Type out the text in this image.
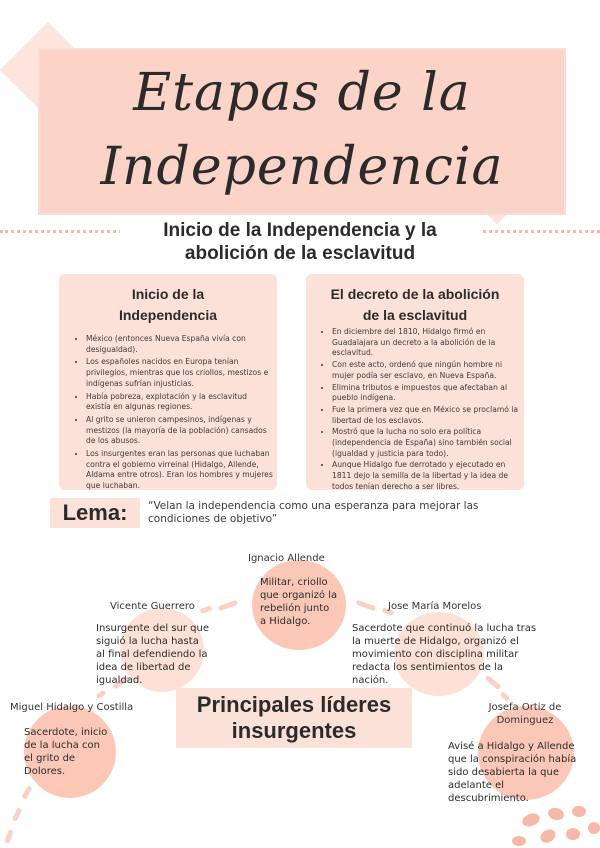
Etapas de la
Independencia
Inicio de la Independencia y la
abolición de la esclavitud
Inicio de la
Independencia
• México (entonces Nueva España vivía con desigualdad).
• Los españoles nacidos en Europa tenían privilegios, mientras que los criollos, mestizos e indígenas sufrían injusticias.
• Había pobreza, explotación y la esclavitud existía en algunas regiones.
• Al grito se unieron campesinos, indígenas y mestizos (la mayoría de la población) cansados de los abusos.
• Los insurgentes eran las personas que luchaban contra el gobierno virreinal (Hidalgo, Allende, Aldama entre otros). Eran los hombres y mujeres que luchaban.
El decreto de la abolición
de la esclavitud
• En diciembre del 1810, Hidalgo firmó en Guadalajara un decreto a la abolición de la esclavitud.
• Con este acto, ordenó que ningún hombre ni mujer podía ser esclavo, en Nueva España.
• Elimina tributos e impuestos que afectaban al pueblo indígena.
• Fue la primera vez que en México se proclamó la libertad de los esclavos.
• Mostró que la lucha no solo era política (independencia de España) sino también social (igualdad y justicia para todo).
• Aunque Hidalgo fue derrotado y ejecutado en 1811 dejo la semilla de la libertad y la idea de todos tenían derecho a ser libres.
Lema:	“Velan la independencia como una esperanza para mejorar las
condiciones de objetivo”
Ignacio Allende
Militar, criollo
que organizó la
rebelión junto
a Hidalgo.
Vicente Guerrero
Insurgente del sur que
siguió la lucha hasta
al final defendiendo la
idea de libertad de
igualdad.
Jose María Morelos
Sacerdote que continuó la lucha tras
la muerte de Hidalgo, organizó el
movimiento con disciplina militar
redacta los sentimientos de la
nación.
Principales líderes
insurgentes
Miguel Hidalgo y Costilla
Sacerdote, inicio
de la lucha con
el grito de
Dolores.
Josefa Ortiz de
Dominguez
Avisé a Hidalgo y Allende
que la conspiración había
sido desabierta la que
adelante el
descubrimiento.
